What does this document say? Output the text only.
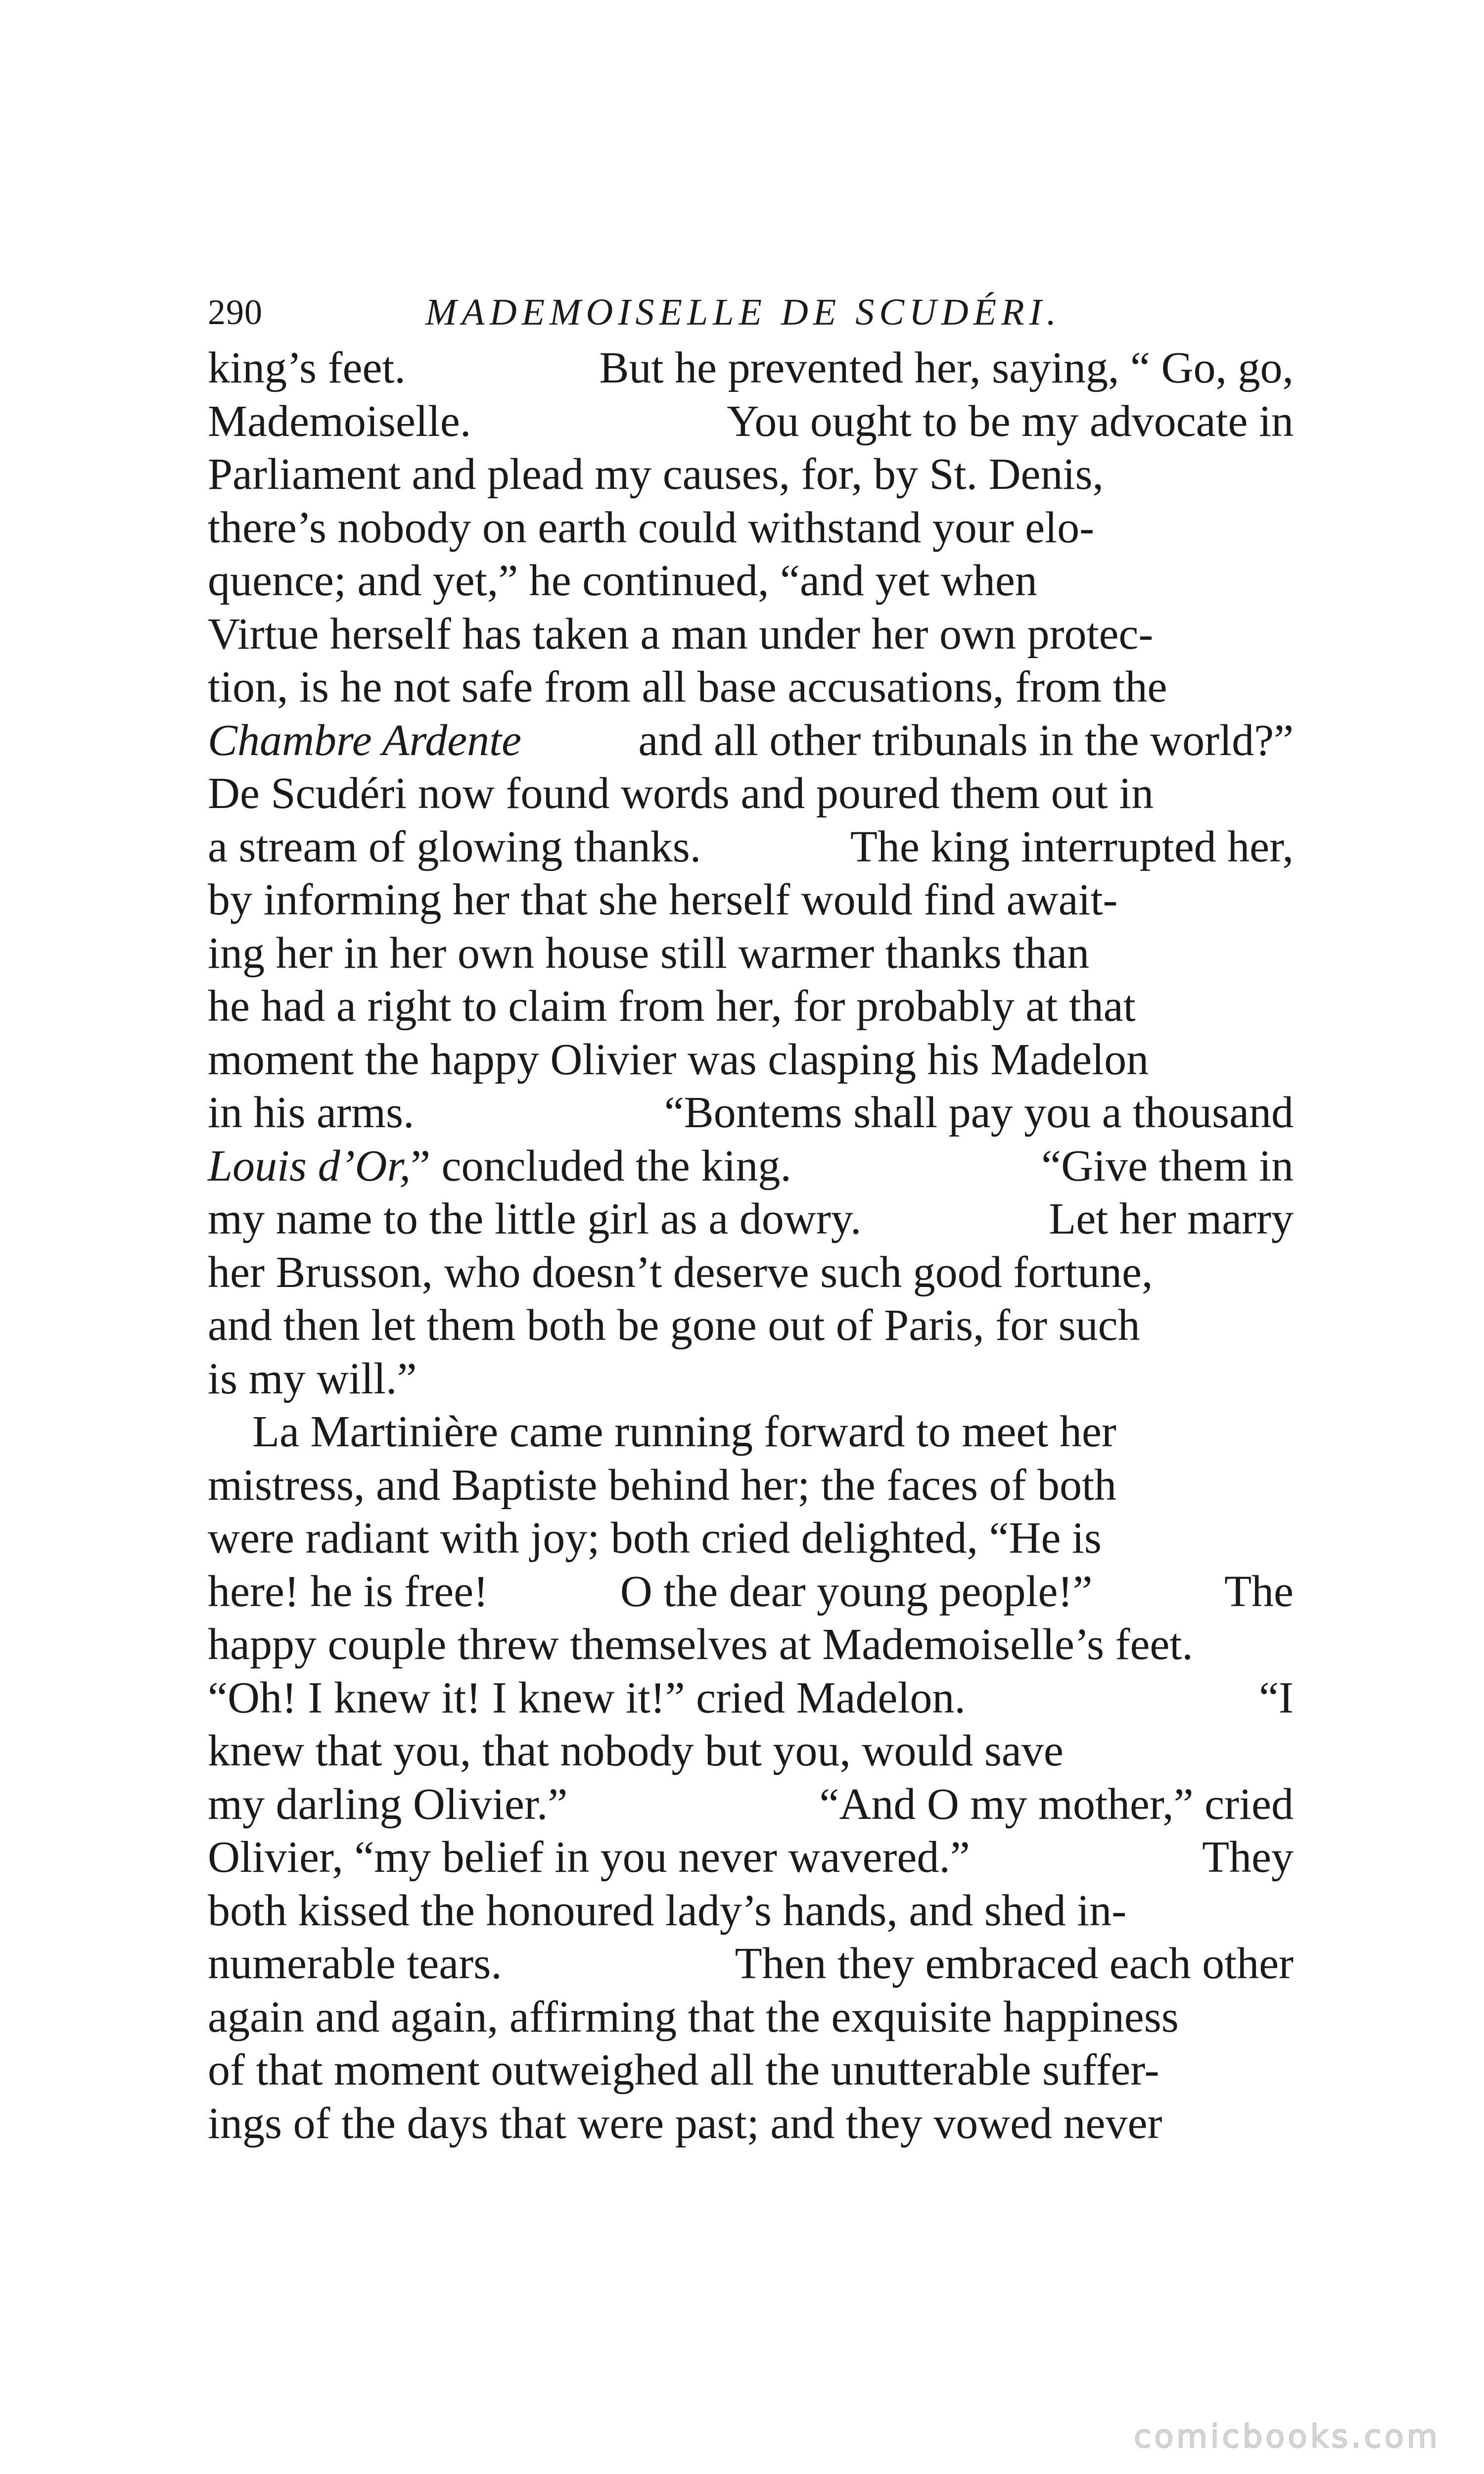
290	MADEMOISELLE DE SCUDÉRI.
king’s feet.	But he prevented her, saying, “ Go, go,
Mademoiselle.	You ought to be my advocate in
Parliament and plead my causes, for, by St. Denis,
there’s nobody on earth could withstand your elo-
quence; and yet,” he continued, “and yet when
Virtue herself has taken a man under her own protec-
tion, is he not safe from all base accusations, from the
Chambre Ardente	and all other tribunals in the world?”
De Scudéri now found words and poured them out in
a stream of glowing thanks.	The king interrupted her,
by informing her that she herself would find await-
ing her in her own house still warmer thanks than
he had a right to claim from her, for probably at that
moment the happy Olivier was clasping his Madelon
in his arms.	“Bontems shall pay you a thousand
Louis d’Or,” concluded the king.	“Give them in
my name to the little girl as a dowry.	Let her marry
her Brusson, who doesn’t deserve such good fortune,
and then let them both be gone out of Paris, for such
is my will.”
La Martinière came running forward to meet her
mistress, and Baptiste behind her; the faces of both
were radiant with joy; both cried delighted, “He is
here! he is free!	O the dear young people!”	The
happy couple threw themselves at Mademoiselle’s feet.
“Oh! I knew it! I knew it!” cried Madelon.	“I
knew that you, that nobody but you, would save
my darling Olivier.”	“And O my mother,” cried
Olivier, “my belief in you never wavered.”	They
both kissed the honoured lady’s hands, and shed in-
numerable tears.	Then they embraced each other
again and again, affirming that the exquisite happiness
of that moment outweighed all the unutterable suffer-
ings of the days that were past; and they vowed never
comicbooks.com
